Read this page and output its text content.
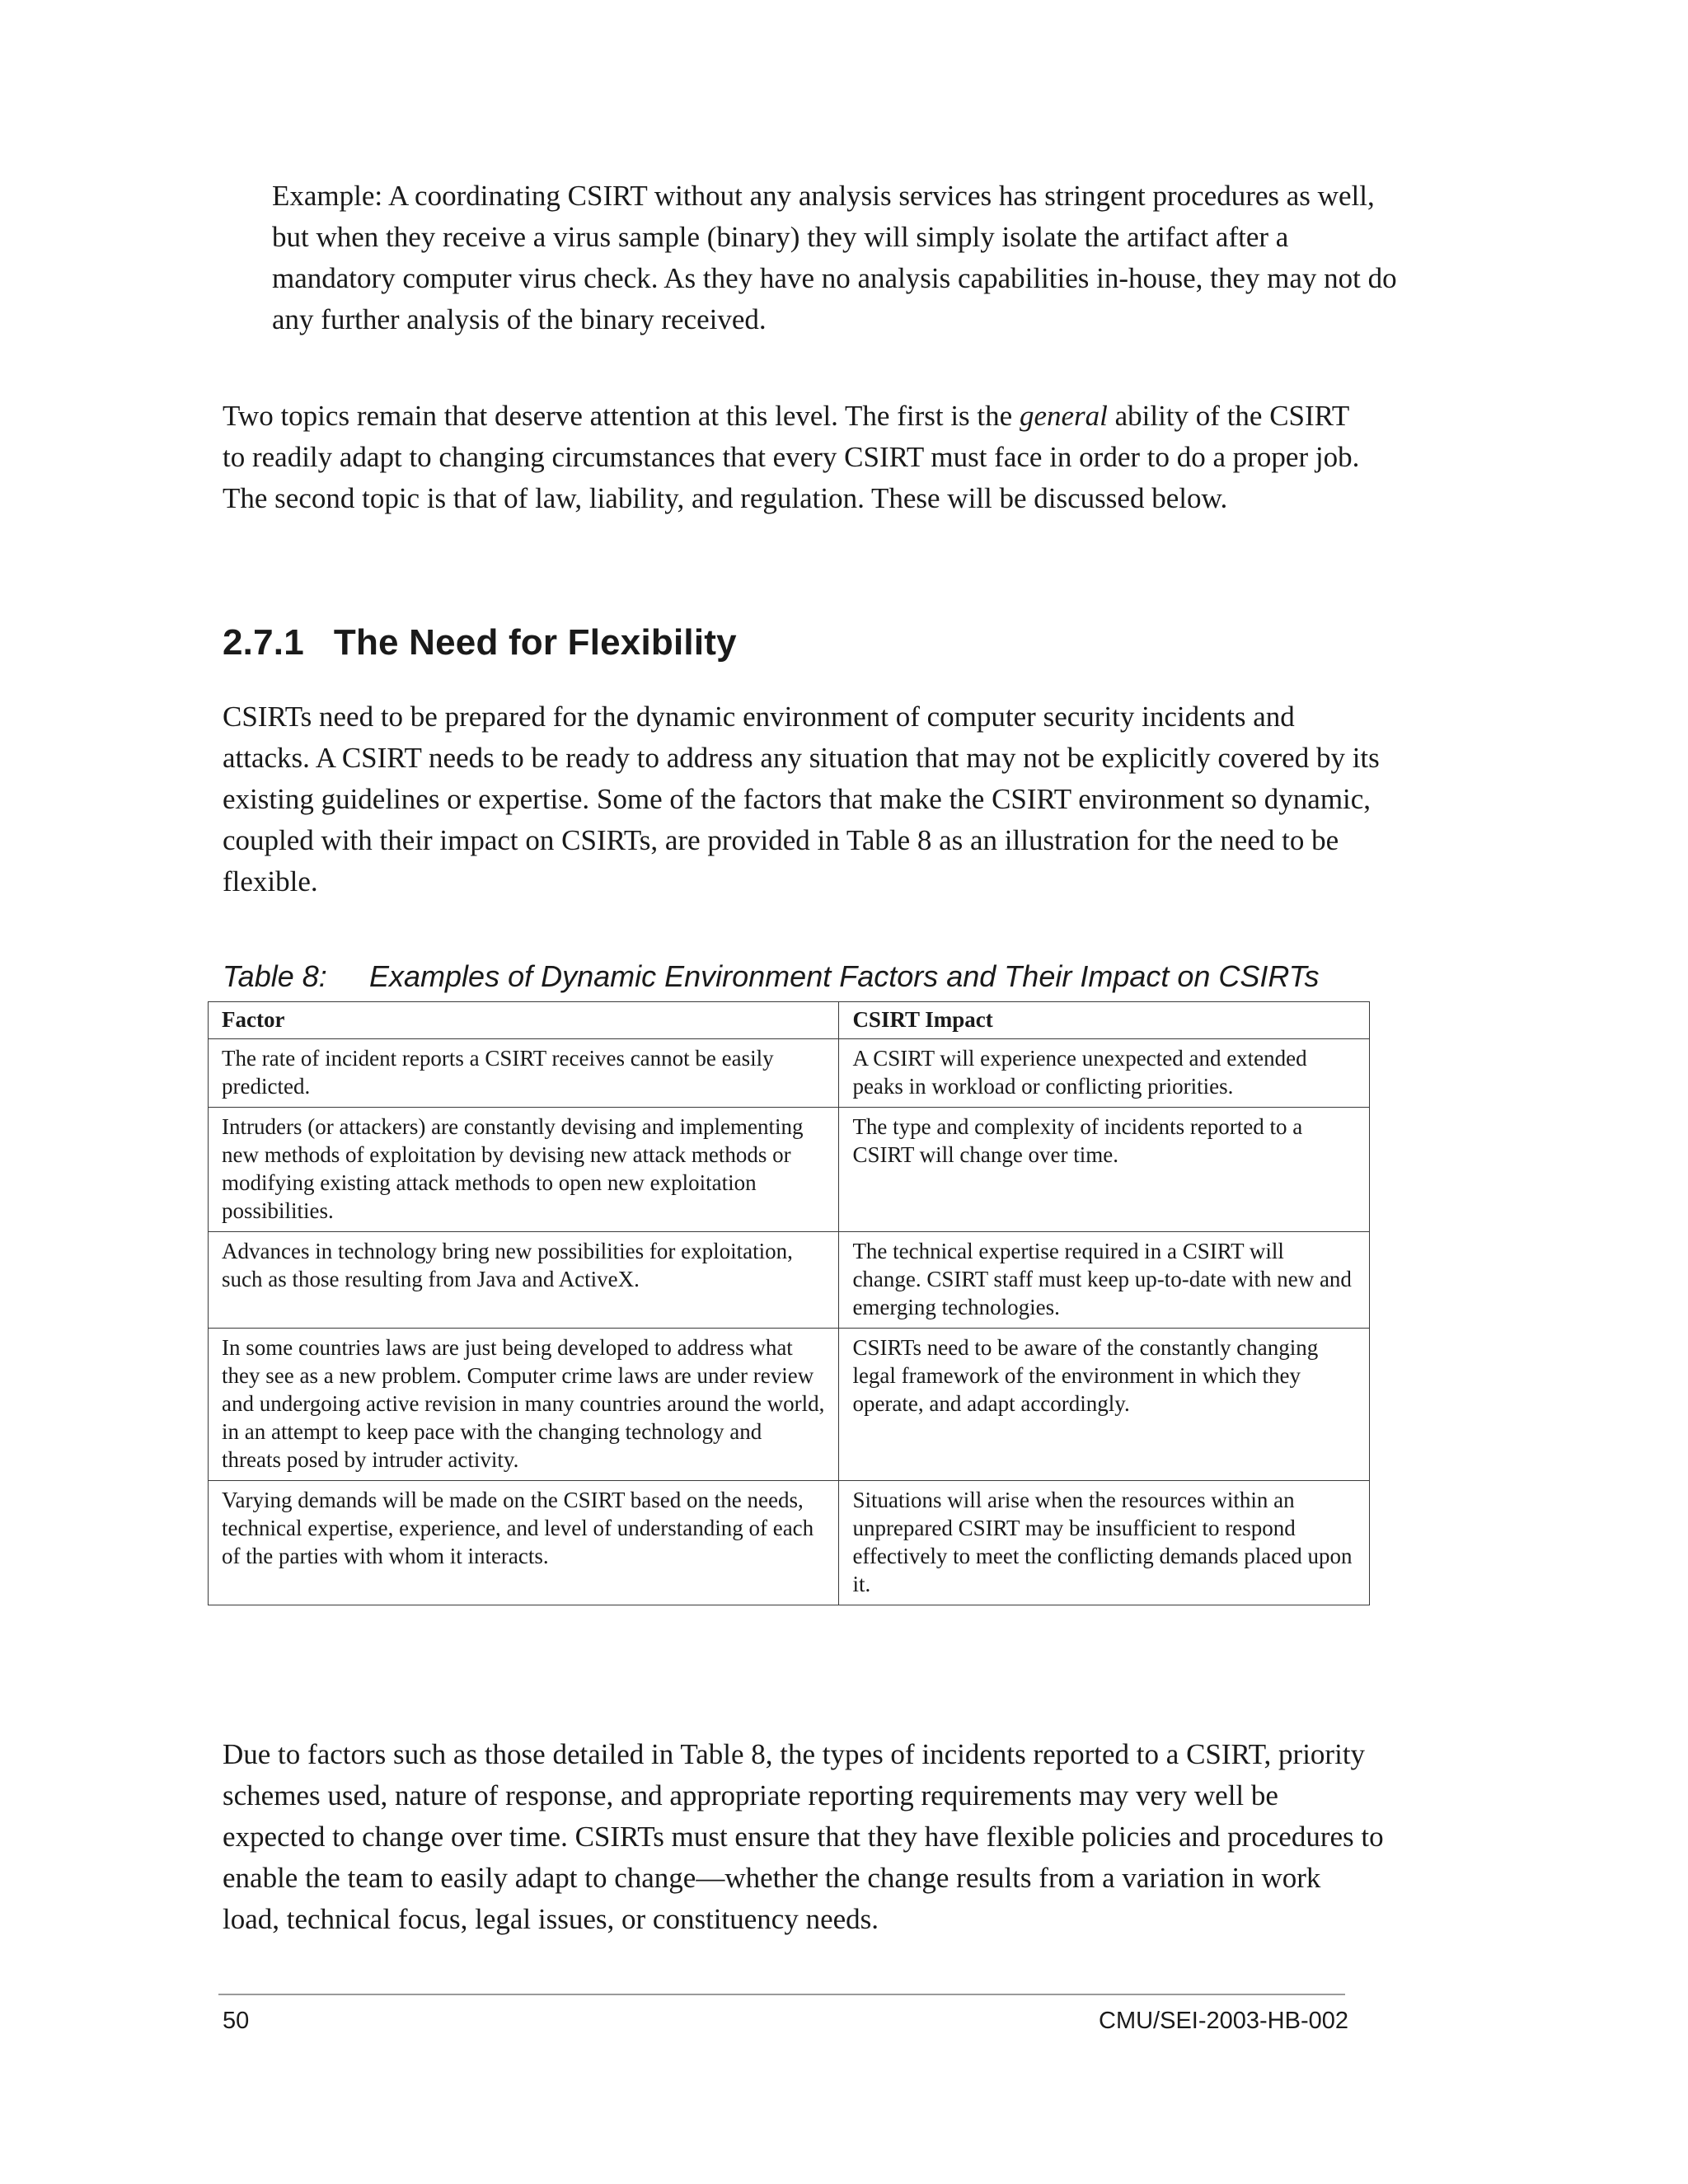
Example: A coordinating CSIRT without any analysis services has stringent procedures as well, but when they receive a virus sample (binary) they will simply isolate the artifact after a mandatory computer virus check. As they have no analysis capabilities in-house, they may not do any further analysis of the binary received.

Two topics remain that deserve attention at this level. The first is the general ability of the CSIRT to readily adapt to changing circumstances that every CSIRT must face in order to do a proper job. The second topic is that of law, liability, and regulation. These will be discussed below.

2.7.1 The Need for Flexibility

CSIRTs need to be prepared for the dynamic environment of computer security incidents and attacks. A CSIRT needs to be ready to address any situation that may not be explicitly covered by its existing guidelines or expertise. Some of the factors that make the CSIRT environment so dynamic, coupled with their impact on CSIRTs, are provided in Table 8 as an illustration for the need to be flexible.

Table 8: Examples of Dynamic Environment Factors and Their Impact on CSIRTs

Factor	CSIRT Impact
The rate of incident reports a CSIRT receives cannot be easily predicted.	A CSIRT will experience unexpected and extended peaks in workload or conflicting priorities.
Intruders (or attackers) are constantly devising and implementing new methods of exploitation by devising new attack methods or modifying existing attack methods to open new exploitation possibilities.	The type and complexity of incidents reported to a CSIRT will change over time.
Advances in technology bring new possibilities for exploitation, such as those resulting from Java and ActiveX.	The technical expertise required in a CSIRT will change. CSIRT staff must keep up-to-date with new and emerging technologies.
In some countries laws are just being developed to address what they see as a new problem. Computer crime laws are under review and undergoing active revision in many countries around the world, in an attempt to keep pace with the changing technology and threats posed by intruder activity.	CSIRTs need to be aware of the constantly changing legal framework of the environment in which they operate, and adapt accordingly.
Varying demands will be made on the CSIRT based on the needs, technical expertise, experience, and level of understanding of each of the parties with whom it interacts.	Situations will arise when the resources within an unprepared CSIRT may be insufficient to respond effectively to meet the conflicting demands placed upon it.

Due to factors such as those detailed in Table 8, the types of incidents reported to a CSIRT, priority schemes used, nature of response, and appropriate reporting requirements may very well be expected to change over time. CSIRTs must ensure that they have flexible policies and procedures to enable the team to easily adapt to change—whether the change results from a variation in work load, technical focus, legal issues, or constituency needs.

50	CMU/SEI-2003-HB-002
